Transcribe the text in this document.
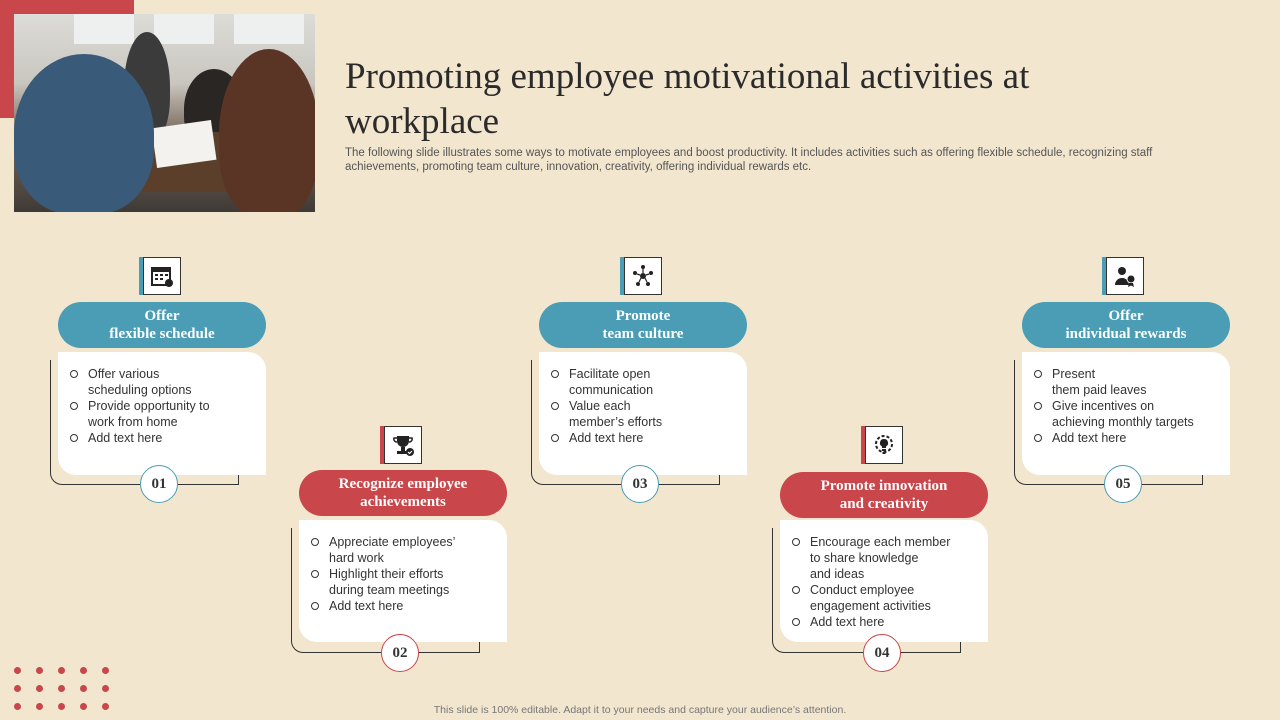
Promoting employee motivational activities at workplace
The following slide illustrates some ways to motivate employees and boost productivity. It includes activities such as offering flexible schedule, recognizing staff achievements, promoting team culture, innovation, creativity, offering individual rewards etc.
Offer
flexible schedule
Offer various
scheduling options
Provide opportunity to
work from home
Add text here
01	Recognize employee
achievements
Appreciate employees’
hard work
Highlight their efforts
during team meetings
Add text here
02
Promote
team culture
Facilitate open
communication
Value each
member’s efforts
Add text here
03	Promote innovation
and creativity
Encourage each member
to share knowledge
and ideas
Conduct employee
engagement activities
Add text here
04
Offer
individual rewards
Present
them paid leaves
Give incentives on
achieving monthly targets
Add text here
05
This slide is 100% editable. Adapt it to your needs and capture your audience’s attention.
